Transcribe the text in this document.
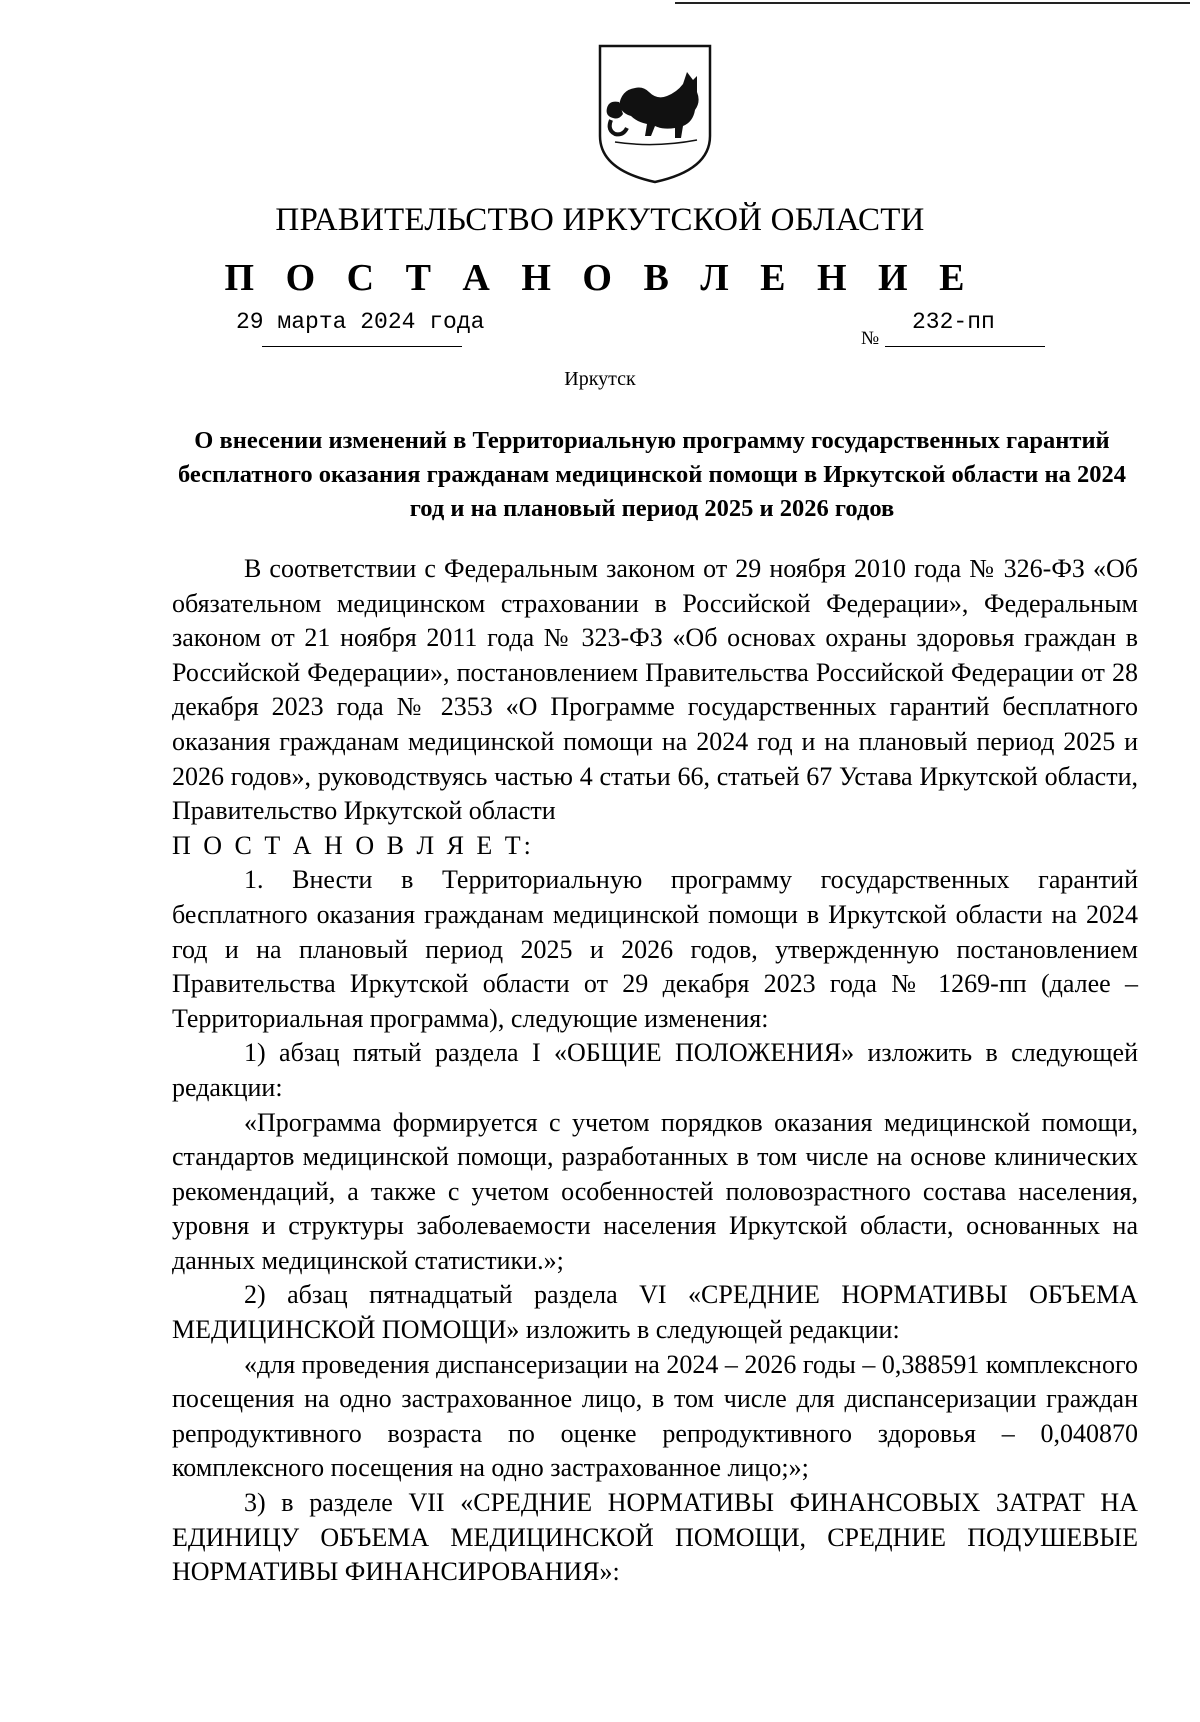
ПРАВИТЕЛЬСТВО ИРКУТСКОЙ ОБЛАСТИ
П О С Т А Н О В Л Е Н И Е
29 марта 2024 года
№
232-пп
Иркутск
О внесении изменений в Территориальную программу государственных гарантий бесплатного оказания гражданам медицинской помощи в Иркутской области на 2024 год и на плановый период 2025 и 2026 годов

В соответствии с Федеральным законом от 29 ноября 2010 года № 326-ФЗ «Об обязательном медицинском страховании в Российской Федерации», Федеральным законом от 21 ноября 2011 года № 323-ФЗ «Об основах охраны здоровья граждан в Российской Федерации», постановлением Правительства Российской Федерации от 28 декабря 2023 года № 2353 «О Программе государственных гарантий бесплатного оказания гражданам медицинской помощи на 2024 год и на плановый период 2025 и 2026 годов», руководствуясь частью 4 статьи 66, статьей 67 Устава Иркутской области, Правительство Иркутской области

П О С Т А Н О В Л Я Е Т:

1. Внести в Территориальную программу государственных гарантий бесплатного оказания гражданам медицинской помощи в Иркутской области на 2024 год и на плановый период 2025 и 2026 годов, утвержденную постановлением Правительства Иркутской области от 29 декабря 2023 года № 1269-пп (далее – Территориальная программа), следующие изменения:

1) абзац пятый раздела I «ОБЩИЕ ПОЛОЖЕНИЯ» изложить в следующей редакции:

«Программа формируется с учетом порядков оказания медицинской помощи, стандартов медицинской помощи, разработанных в том числе на основе клинических рекомендаций, а также с учетом особенностей половозрастного состава населения, уровня и структуры заболеваемости населения Иркутской области, основанных на данных медицинской статистики.»;

2) абзац пятнадцатый раздела VI «СРЕДНИЕ НОРМАТИВЫ ОБЪЕМА МЕДИЦИНСКОЙ ПОМОЩИ» изложить в следующей редакции:

«для проведения диспансеризации на 2024 – 2026 годы – 0,388591 комплексного посещения на одно застрахованное лицо, в том числе для диспансеризации граждан репродуктивного возраста по оценке репродуктивного здоровья – 0,040870 комплексного посещения на одно застрахованное лицо;»;

3) в разделе VII «СРЕДНИЕ НОРМАТИВЫ ФИНАНСОВЫХ ЗАТРАТ НА ЕДИНИЦУ ОБЪЕМА МЕДИЦИНСКОЙ ПОМОЩИ, СРЕДНИЕ ПОДУШЕВЫЕ НОРМАТИВЫ ФИНАНСИРОВАНИЯ»:
